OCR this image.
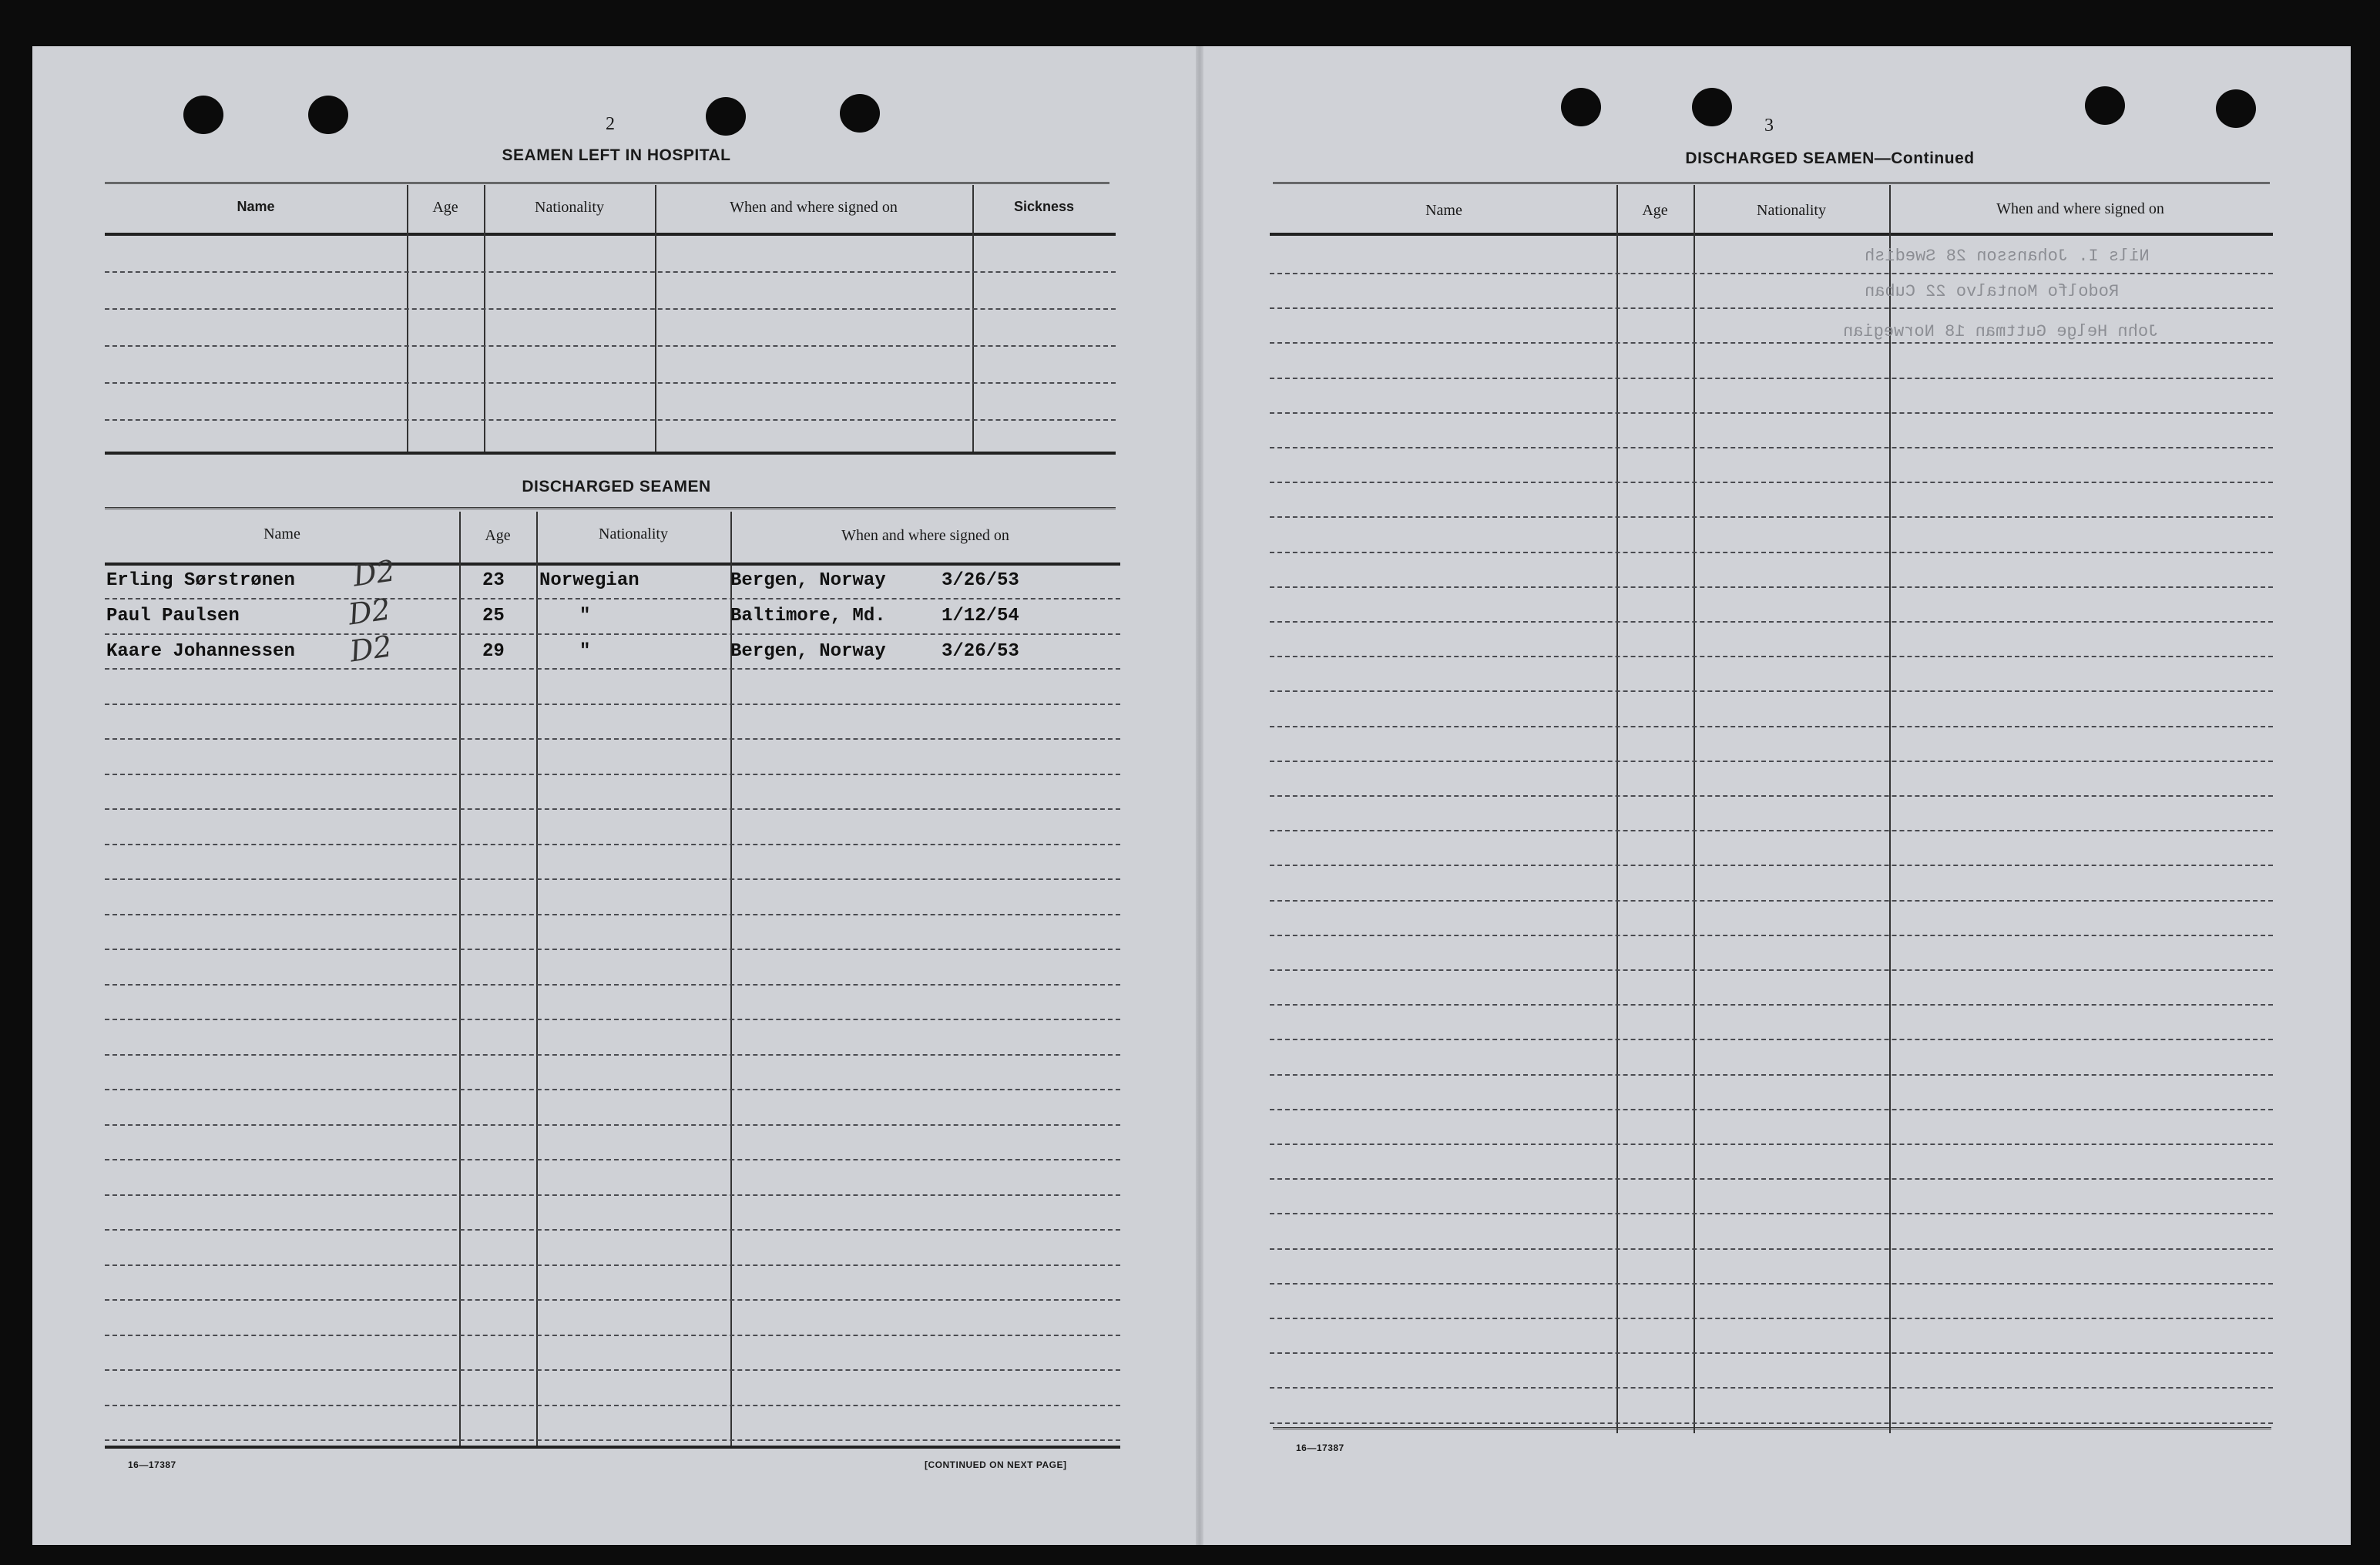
2
SEAMEN LEFT IN HOSPITAL
Name	Age	Nationality	When and where signed on	Sickness
DISCHARGED SEAMEN
Name	Age	Nationality	When and where signed on
Erling Sørstrønen	23 Norwegian	Bergen, Norway	3/26/53
Paul Paulsen	25	"	Baltimore, Md.	1/12/54
Kaare Johannessen	29	"	Bergen, Norway	3/26/53
D2
D2
D2
16—17387	[CONTINUED ON NEXT PAGE]
3
DISCHARGED SEAMEN—Continued
Name	Age	Nationality	When and where signed on
Nils I. Johansson 28 Swedish
Rodolfo Montalvo 22 Cuban
John Helge Guttman 18 Norwegian
16—17387
